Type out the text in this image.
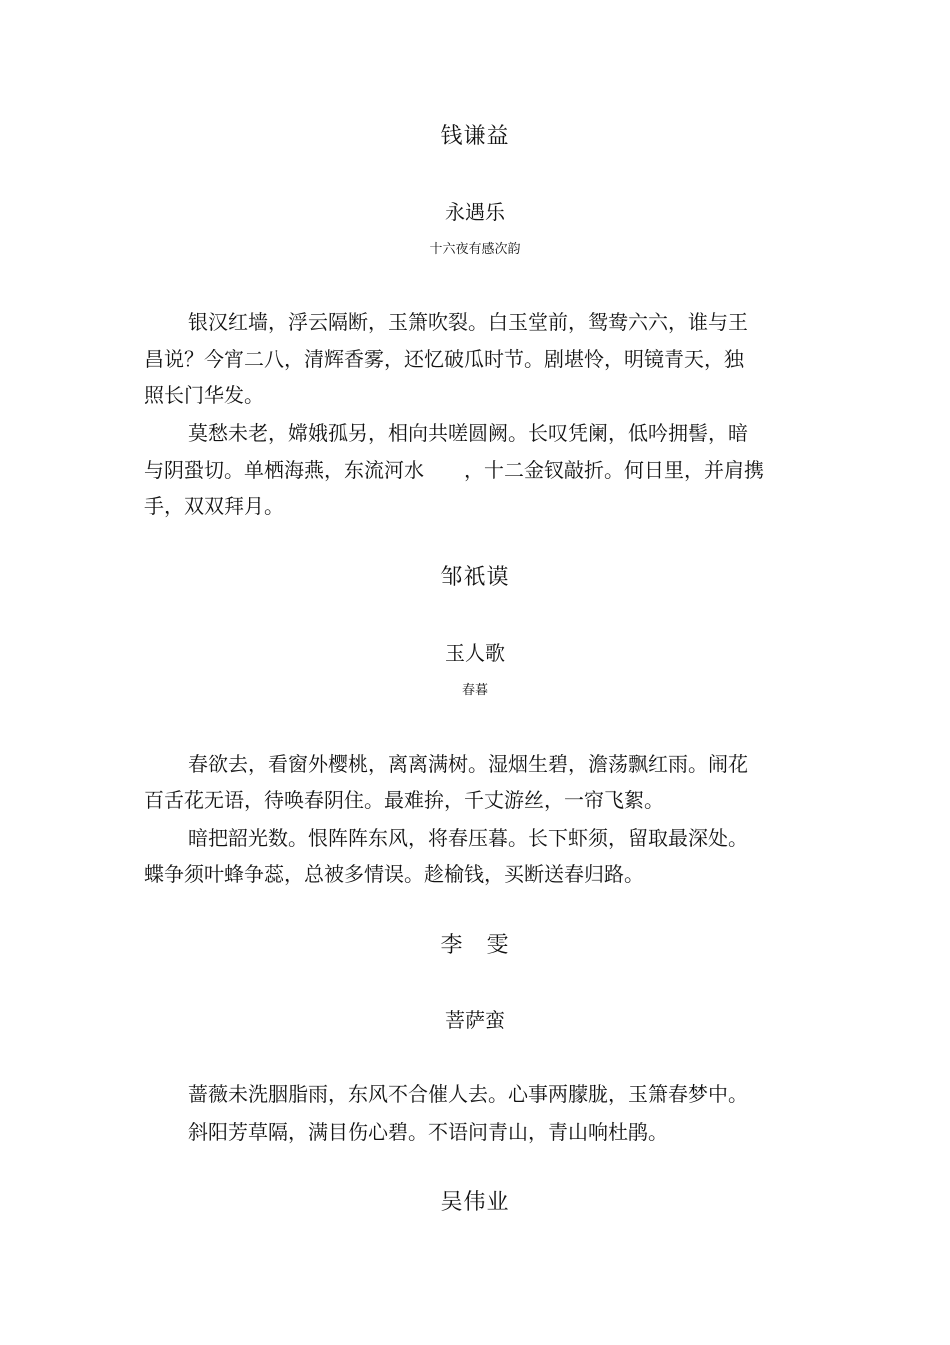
钱谦益
永遇乐
十六夜有感次韵
银汉红墙，浮云隔断，玉箫吹裂。白玉堂前，鸳鸯六六，谁与王
昌说？今宵二八，清辉香雾，还忆破瓜时节。剧堪怜，明镜青天，独
照长门华发。
莫愁未老，嫦娥孤另，相向共嗟圆阙。长叹凭阑，低吟拥髻，暗
与阴蛩切。单栖海燕，东流河水　　，十二金钗敲折。何日里，并肩携
手，双双拜月。
邹祇谟
玉人歌
春暮
春欲去，看窗外樱桃，离离满树。湿烟生碧，澹荡飘红雨。闹花
百舌花无语，待唤春阴住。最难拚，千丈游丝，一帘飞絮。
暗把韶光数。恨阵阵东风，将春压暮。长下虾须，留取最深处。
蝶争须叶蜂争蕊，总被多情误。趁榆钱，买断送春归路。
李　雯
菩萨蛮
蔷薇未洗胭脂雨，东风不合催人去。心事两朦胧，玉箫春梦中。
斜阳芳草隔，满目伤心碧。不语问青山，青山响杜鹃。
吴伟业
